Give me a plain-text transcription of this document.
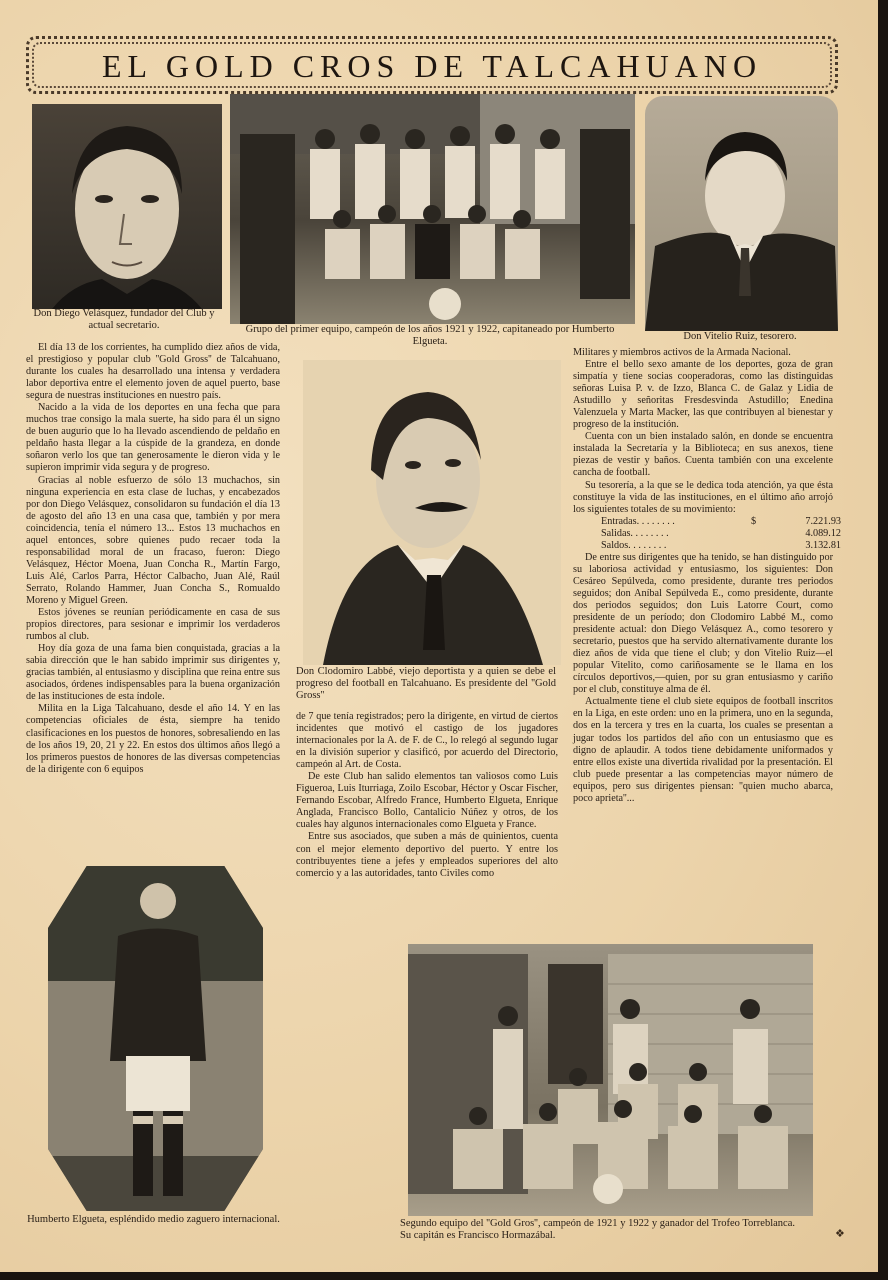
EL GOLD CROS DE TALCAHUANO
Don Diego Velásquez, fundador del Club y actual secretario.	Grupo del primer equipo, campeón de los años 1921 y 1922, capitaneado por Humberto Elgueta.	Don Vitelio Ruiz, tesorero.

El día 13 de los corrientes, ha cumplido diez años de vida, el prestigioso y popular club ''Gold Gross'' de Talcahuano, durante los cuales ha desarrollado una intensa y verdadera labor deportiva entre el elemento joven de aquel puerto, base segura de nuestras instituciones en nuestro país.

Nacido a la vida de los deportes en una fecha que para muchos trae consigo la mala suerte, ha sido para él un signo de buen augurio que lo ha llevado ascendiendo de peldaño en peldaño hasta llegar a la cúspide de la grandeza, en donde soñaron verlo los que tan generosamente le dieron vida y le supieron imprimir vida segura y de progreso.

Gracias al noble esfuerzo de sólo 13 muchachos, sin ninguna experiencia en esta clase de luchas, y encabezados por don Diego Velásquez, consolidaron su fundación el día 13 de agosto del año 13 en una casa que, también y por mera coincidencia, tenía el número 13... Estos 13 muchachos en aquel entonces, sobre quienes pudo recaer toda la responsabilidad moral de un fracaso, fueron: Diego Velásquez, Héctor Moena, Juan Concha R., Martín Fargo, Luis Alé, Carlos Parra, Héctor Calbacho, Juan Alé, Raúl Serrato, Rolando Hammer, Juan Concha S., Romualdo Moreno y Miguel Green.

Estos jóvenes se reunían periódicamente en casa de sus propios directores, para sesionar e imprimir los verdaderos rumbos al club.

Hoy día goza de una fama bien conquistada, gracias a la sabia dirección que le han sabido imprimir sus dirigentes y, gracias también, al entusiasmo y disciplina que reina entre sus asociados, órdenes indispensables para la buena organización de las instituciones de esta índole.

Milita en la Liga Talcahuano, desde el año 14. Y en las competencias oficiales de ésta, siempre ha tenido clasificaciones en los puestos de honores, sobresaliendo en las de los años 19, 20, 21 y 22. En estos dos últimos años llegó a los primeros puestos de honores de las diversas competencias de la dirigente con 6 equipos

Don Clodomiro Labbé, viejo deportista y a quien se debe el progreso del football en Talcahuano. Es presidente del ''Gold Gross''

de 7 que tenía registrados; pero la dirigente, en virtud de ciertos incidentes que motivó el castigo de los jugadores internacionales por la A. de F. de C., lo relegó al segundo lugar en la división superior y clasificó, por acuerdo del Directorio, campeón al Art. de Costa.

De este Club han salido elementos tan valiosos como Luis Figueroa, Luis Iturriaga, Zoilo Escobar, Héctor y Oscar Fischer, Fernando Escobar, Alfredo France, Humberto Elgueta, Enrique Anglada, Francisco Bollo, Cantalicio Núñez y otros, de los cuales hay algunos internacionales como Elgueta y France.

Entre sus asociados, que suben a más de quinientos, cuenta con el mejor elemento deportivo del puerto. Y entre los contribuyentes tiene a jefes y empleados superiores del alto comercio y a las autoridades, tanto Civiles como

Militares y miembros activos de la Armada Nacional.

Entre el bello sexo amante de los deportes, goza de gran simpatía y tiene socias cooperadoras, como las distinguidas señoras Luisa P. v. de Izzo, Blanca C. de Galaz y Lidia de Astudillo y señoritas Fresdesvinda Astudillo; Enedina Valenzuela y Marta Macker, las que contribuyen al bienestar y progreso de la institución.

Cuenta con un bien instalado salón, en donde se encuentra instalada la Secretaría y la Biblioteca; en sus anexos, tiene piezas de vestir y baños. Cuenta también con una excelente cancha de football.

Su tesorería, a la que se le dedica toda atención, ya que ésta constituye la vida de las instituciones, en el último año arrojó los siguientes totales de su movimiento:

Entradas. . . . . . . .	$	7.221.93
Salidas. . . . . . . .	4.089.12
Saldos. . . . . . . .	3.132.81

De entre sus dirigentes que ha tenido, se han distinguido por su laboriosa actividad y entusiasmo, los siguientes: Don Cesáreo Sepúlveda, como presidente, durante tres periodos seguidos; don Aníbal Sepúlveda E., como presidente, durante dos periodos seguidos; don Luis Latorre Court, como presidente de un período; don Clodomiro Labbé M., como presidente actual: don Diego Velásquez A., como tesorero y secretario, puestos que ha servido alternativamente durante los diez años de vida que tiene el club; y don Vitelio Ruiz—el popular Vitelito, como cariñosamente se le llama en los círculos deportivos,—quien, por su gran entusiasmo y cariño por el club, constituye alma de él.

Actualmente tiene el club siete equipos de football inscritos en la Liga, en este orden: uno en la primera, uno en la segunda, dos en la tercera y tres en la cuarta, los cuales se presentan a jugar todos los partidos del año con un entusiasmo que es digno de aplaudir. A todos tiene debidamente uniformados y entre ellos existe una divertida rivalidad por la presentación. El club puede presentar a las competencias mayor número de equipos, pero sus dirigentes piensan: ''quien mucho abarca, poco aprieta''...

Humberto Elgueta, espléndido medio zaguero internacional.	Segundo equipo del ''Gold Gros'', campeón de 1921 y 1922 y ganador del Trofeo Torreblanca. Su capitán es Francisco Hormazábal.	❖
